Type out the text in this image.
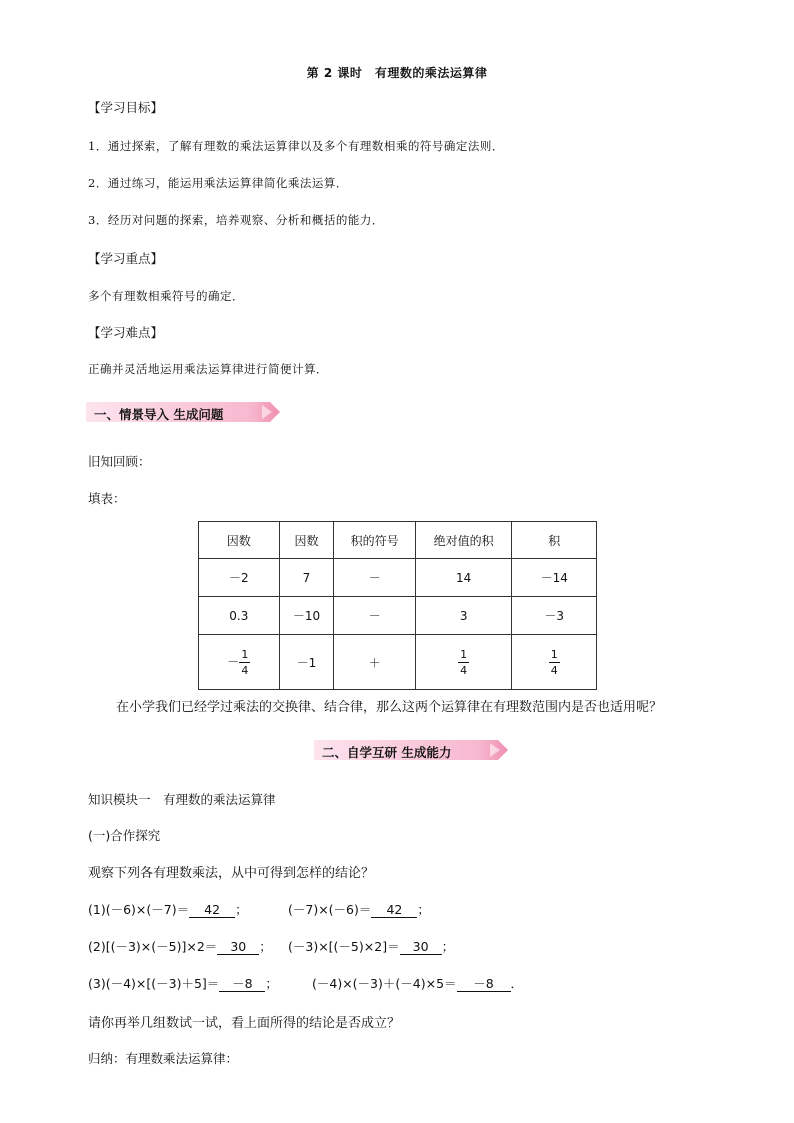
第 2 课时　有理数的乘法运算律
【学习目标】
1．通过探索，了解有理数的乘法运算律以及多个有理数相乘的符号确定法则．
2．通过练习，能运用乘法运算律简化乘法运算．
3．经历对问题的探索，培养观察、分析和概括的能力．
【学习重点】
多个有理数相乘符号的确定．
【学习难点】
正确并灵活地运用乘法运算律进行简便计算．
一、情景导入 生成问题
旧知回顾：
填表：
因数	因数	积的符号	绝对值的积	积
－2	7	－	14	－14
0.3	－10	－	3	－3
－ $\frac{1}{4}$	－1	＋	$\frac{1}{4}$	$\frac{1}{4}$
在小学我们已经学过乘法的交换律、结合律，那么这两个运算律在有理数范围内是否也适用呢？
二、自学互研 生成能力
知识模块一　有理数的乘法运算律
(一)合作探究
观察下列各有理数乘法，从中可得到怎样的结论？
(1)(－6)×(－7)＝ 42 ；	(－7)×(－6)＝ 42 ；
(2)[(－3)×(－5)]×2＝ 30 ； (－3)×[(－5)×2]＝ 30 ；
(3)(－4)×[(－3)＋5]＝ －8 ；	(－4)×(－3)＋(－4)×5＝ －8 ．
请你再举几组数试一试，看上面所得的结论是否成立？
归纳：有理数乘法运算律：
